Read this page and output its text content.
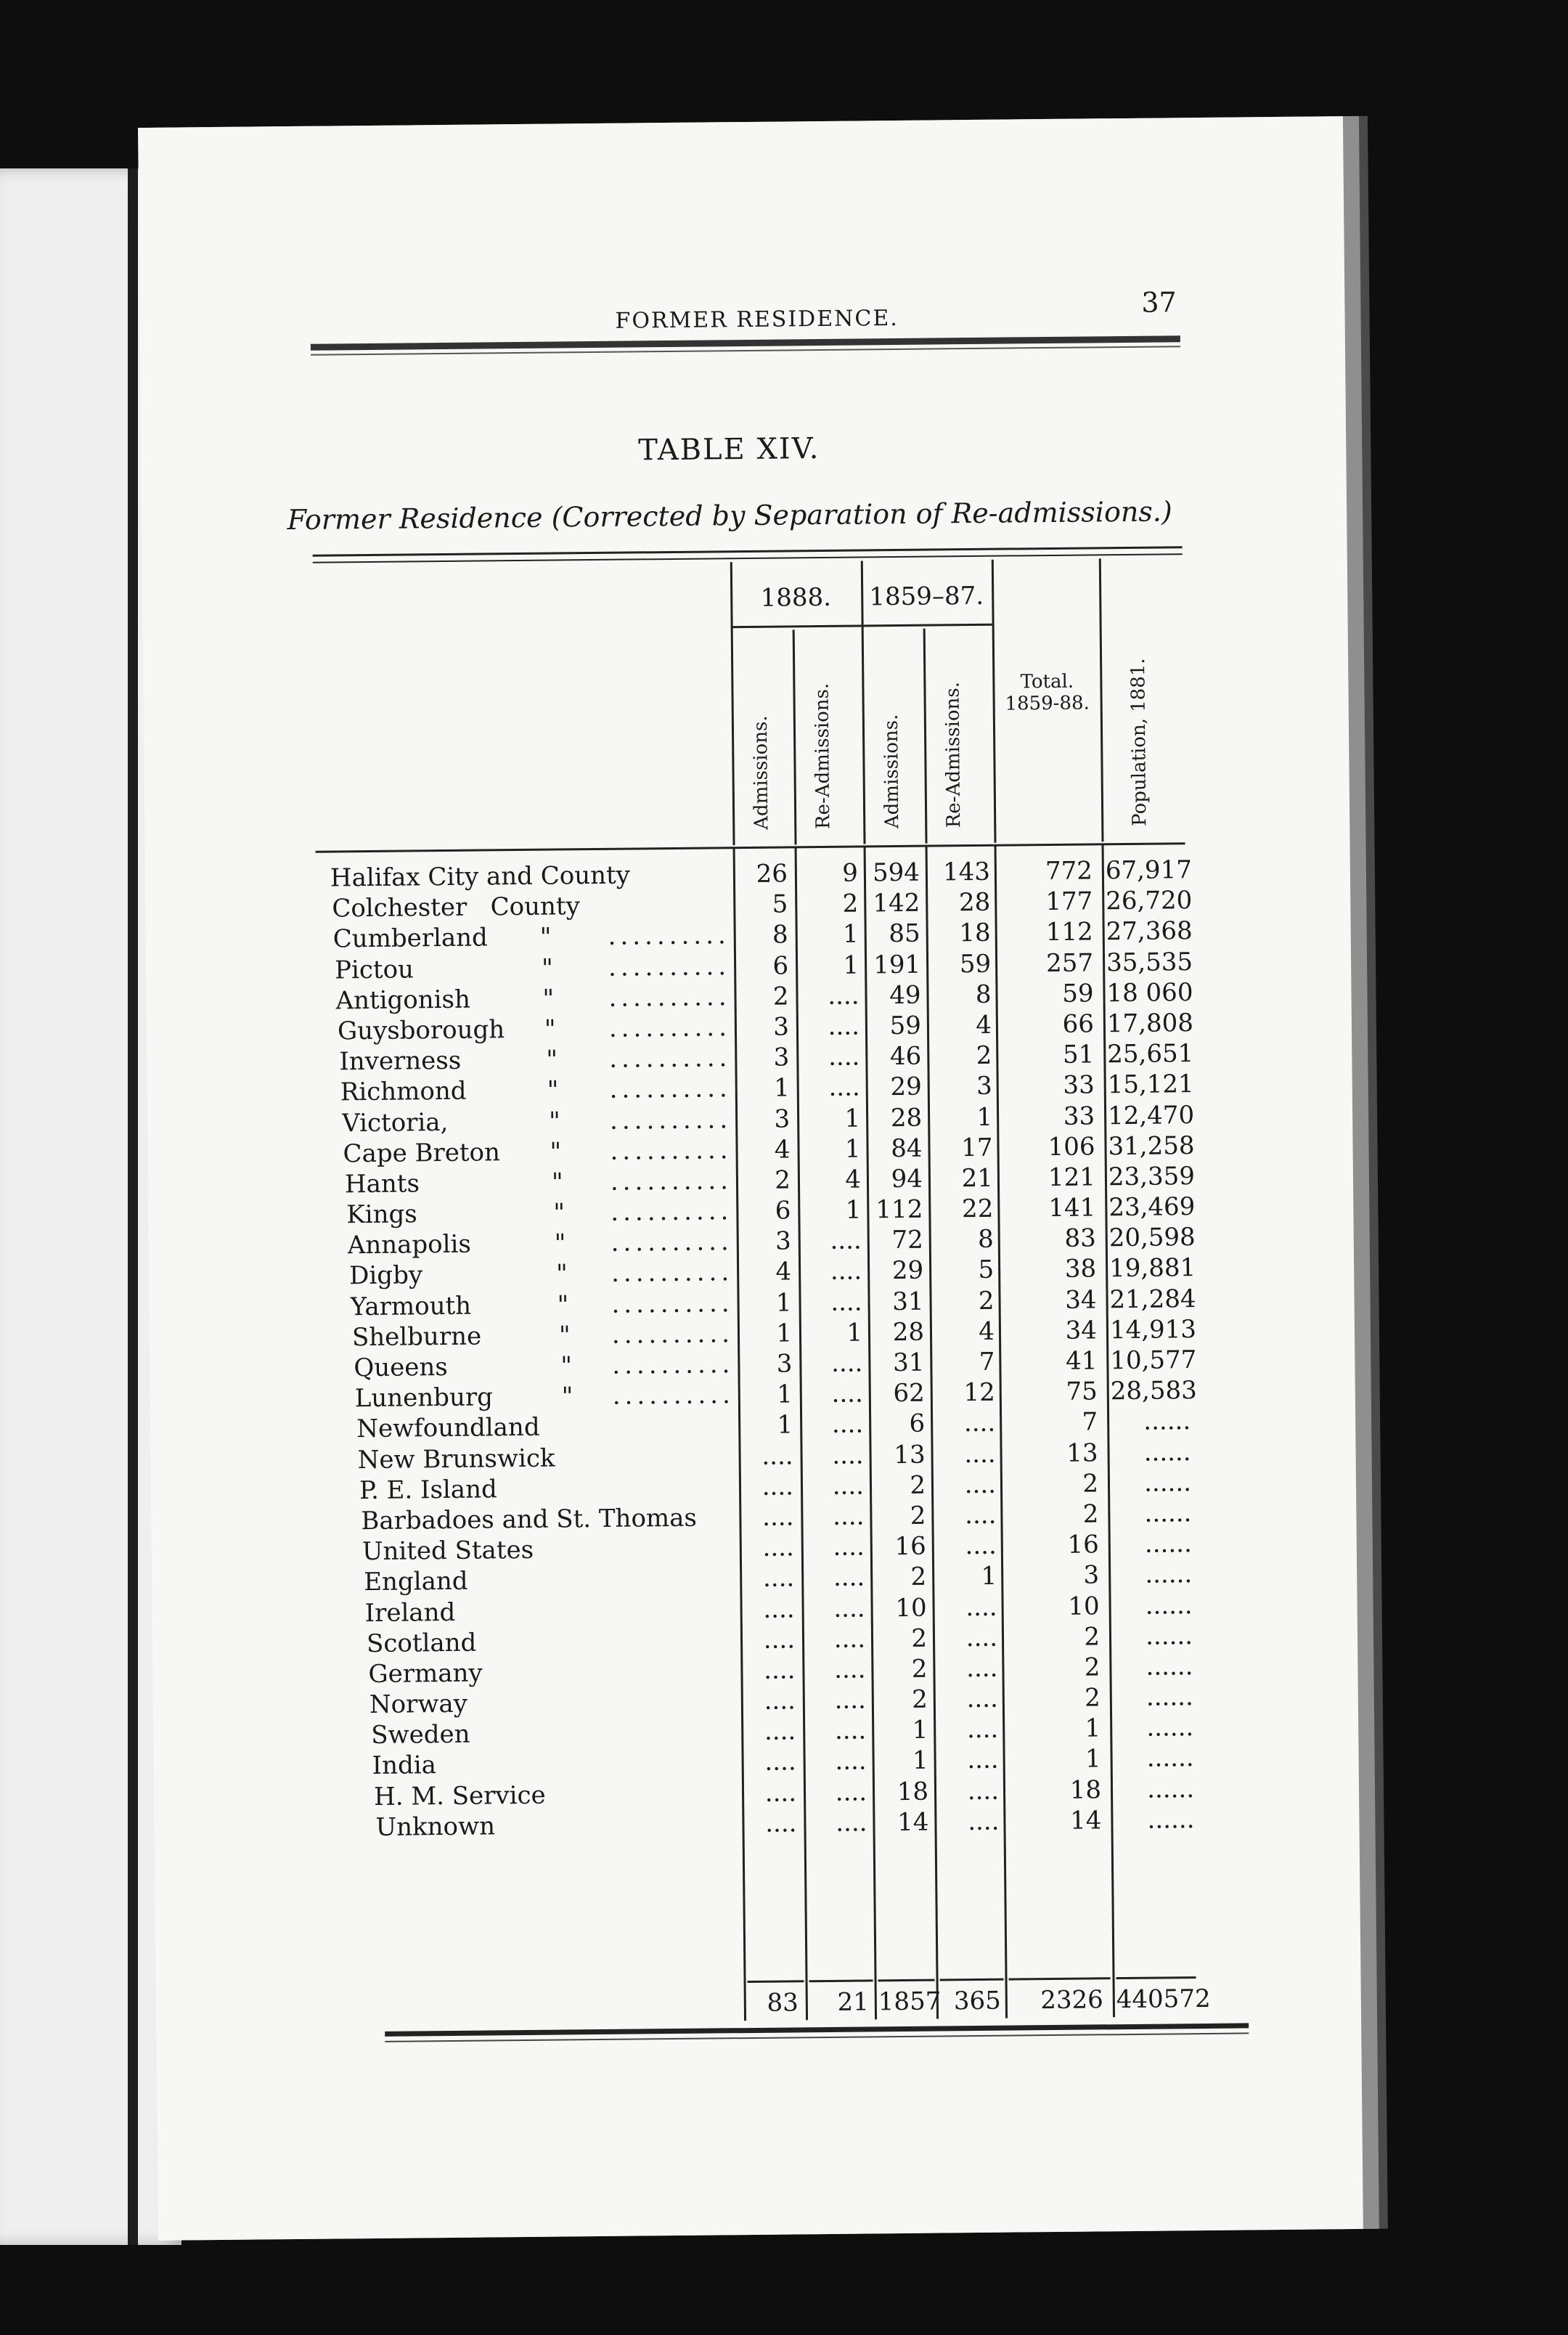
FORMER RESIDENCE.
37
TABLE XIV.
Former Residence (Corrected by Separation of Re-admissions.)
1888.	1859–87.
Admissions. Re-Admissions. Admissions. Re-Admissions.	Total.
1859-88.	Population, 1881.
Halifax City and County	26	9 594 143	772 67,917
Colchester   County	5	2 142	28	177 26,720
Cumberland " ..........	8	1	85	18	112 27,368
Pictou	" ..........	6	1 191	59	257 35,535
Antigonish	" ..........	2	....	49	8	59 18 060
Guysborough " ..........	3	....	59	4	66 17,808
Inverness	" ..........	3	....	46	2	51 25,651
Richmond	" ..........	1	....	29	3	33 15,121
Victoria,	" ..........	3	1	28	1	33 12,470
Cape Breton " ..........	4	1	84	17	106 31,258
Hants	" ..........	2	4	94	21	121 23,359
Kings	" ..........	6	1 112	22	141 23,469
Annapolis	" ..........	3	....	72	8	83 20,598
Digby	" ..........	4	....	29	5	38 19,881
Yarmouth	" ..........	1	....	31	2	34 21,284
Shelburne	" ..........	1	1	28	4	34 14,913
Queens	" ..........	3	....	31	7	41 10,577
Lunenburg	" ..........	1	....	62	12	75 28,583
Newfoundland	1	....	6	....	7	......
New Brunswick	....	....	13	....	13	......
P. E. Island	....	....	2	....	2	......
Barbadoes and St. Thomas	....	....	2	....	2	......
United States	....	....	16	....	16	......
England	....	....	2	1	3	......
Ireland	....	....	10	....	10	......
Scotland	....	....	2	....	2	......
Germany	....	....	2	....	2	......
Norway	....	....	2	....	2	......
Sweden	....	....	1	....	1	......
India	....	....	1	....	1	......
H. M. Service	....	....	18	....	18	......
Unknown	....	....	14	....	14	......
83	21 1857 365	2326 440572
